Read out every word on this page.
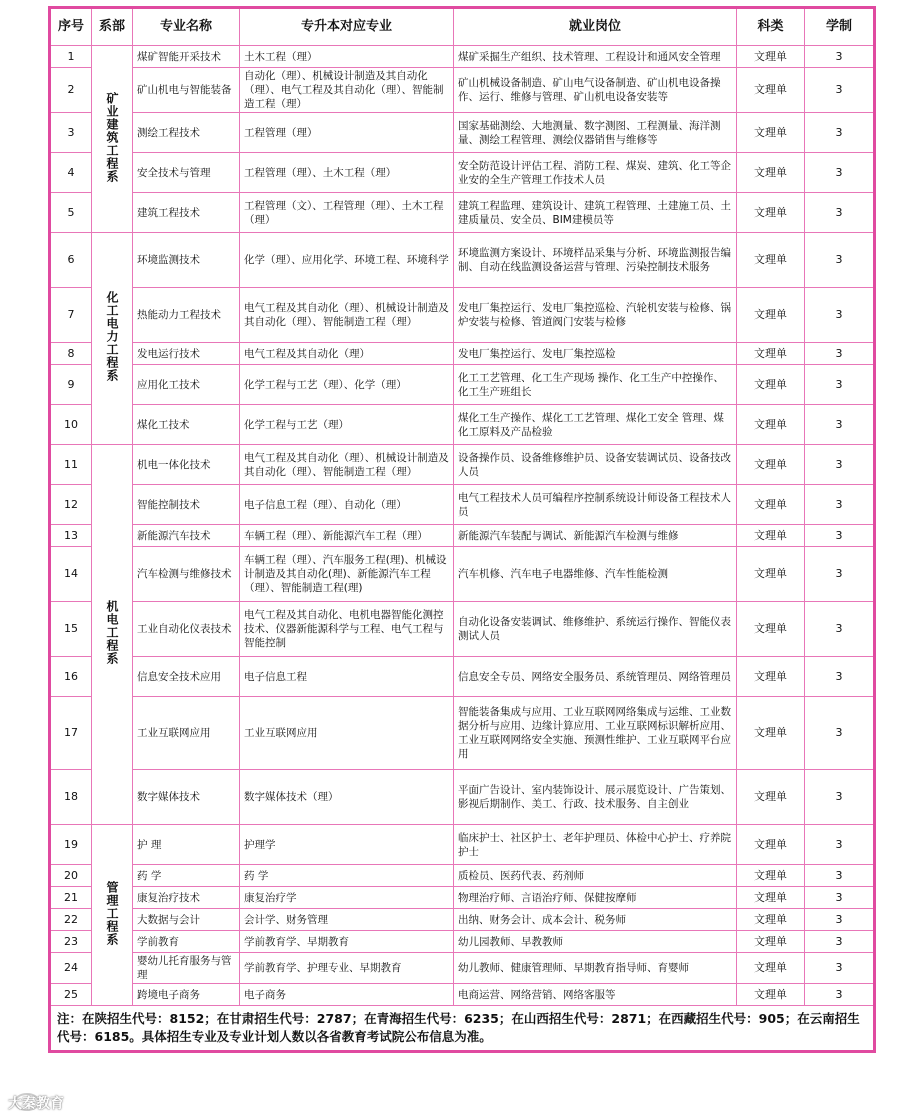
序号	系部	专业名称	专升本对应专业	就业岗位	科类	学制
1	矿业建筑工程系	煤矿智能开采技术	土木工程（理）	煤矿采掘生产组织、技术管理、工程设计和通风安全管理	文理单	3
2		矿山机电与智能装备	自动化（理）、机械设计制造及其自动化（理）、电气工程及其自动化（理）、智能制造工程（理）	矿山机械设备制造、矿山电气设备制造、矿山机电设备操作、运行、维修与管理、矿山机电设备安装等	文理单	3
3		测绘工程技术	工程管理（理）	国家基础测绘、大地测量、数字测图、工程测量、海洋测量、测绘工程管理、测绘仪器销售与维修等	文理单	3
4		安全技术与管理	工程管理（理）、土木工程（理）	安全防范设计评估工程、消防工程、煤炭、建筑、化工等企业安的全生产管理工作技术人员	文理单	3
5		建筑工程技术	工程管理（文）、工程管理（理）、土木工程（理）	建筑工程监理、建筑设计、建筑工程管理、土建施工员、土建质量员、安全员、BIM建模员等	文理单	3
6	化工电力工程系	环境监测技术	化学（理）、应用化学、环境工程、环境科学	环境监测方案设计、环境样品采集与分析、环境监测报告编制、自动在线监测设备运营与管理、污染控制技术服务	文理单	3
7		热能动力工程技术	电气工程及其自动化（理）、机械设计制造及其自动化（理）、智能制造工程（理）	发电厂集控运行、发电厂集控巡检、汽轮机安装与检修、锅炉安装与检修、管道阀门安装与检修	文理单	3
8		发电运行技术	电气工程及其自动化（理）	发电厂集控运行、发电厂集控巡检	文理单	3
9		应用化工技术	化学工程与工艺（理）、化学（理）	化工工艺管理、化工生产现场 操作、化工生产中控操作、化工生产班组长	文理单	3
10		煤化工技术	化学工程与工艺（理）	煤化工生产操作、煤化工工艺管理、煤化工安全 管理、煤化工原料及产品检验	文理单	3
11	机电工程系	机电一体化技术	电气工程及其自动化（理）、机械设计制造及其自动化（理）、智能制造工程（理）	设备操作员、设备维修维护员、设备安装调试员、设备技改人员	文理单	3
12		智能控制技术	电子信息工程（理）、自动化（理）	电气工程技术人员可编程序控制系统设计师设备工程技术人员	文理单	3
13		新能源汽车技术	车辆工程（理）、新能源汽车工程（理）	新能源汽车装配与调试、新能源汽车检测与维修	文理单	3
14		汽车检测与维修技术	车辆工程（理）、汽车服务工程(理)、机械设计制造及其自动化(理)、新能源汽车工程（理）、智能制造工程(理)	汽车机修、汽车电子电器维修、汽车性能检测	文理单	3
15		工业自动化仪表技术	电气工程及其自动化、电机电器智能化测控技术、仪器新能源科学与工程、电气工程与智能控制	自动化设备安装调试、维修维护、系统运行操作、智能仪表测试人员	文理单	3
16		信息安全技术应用	电子信息工程	信息安全专员、网络安全服务员、系统管理员、网络管理员	文理单	3
17		工业互联网应用	工业互联网应用	智能装备集成与应用、工业互联网网络集成与运维、工业数据分析与应用、边缘计算应用、工业互联网标识解析应用、工业互联网网络安全实施、预测性维护、工业互联网平台应用	文理单	3
18		数字媒体技术	数字媒体技术（理）	平面广告设计、室内装饰设计、展示展览设计、广告策划、影视后期制作、美工、行政、技术服务、自主创业	文理单	3
19	管理工程系	护 理	护理学	临床护士、社区护士、老年护理员、体检中心护士、疗养院护士	文理单	3
20		药 学	药 学	质检员、医药代表、药剂师	文理单	3
21		康复治疗技术	康复治疗学	物理治疗师、言语治疗师、保健按摩师	文理单	3
22		大数据与会计	会计学、财务管理	出纳、财务会计、成本会计、税务师	文理单	3
23		学前教育	学前教育学、早期教育	幼儿园教师、早教教师	文理单	3
24		婴幼儿托育服务与管理	学前教育学、护理专业、早期教育	幼儿教师、健康管理师、早期教育指导师、育婴师	文理单	3
25		跨境电子商务	电子商务	电商运营、网络营销、网络客服等	文理单	3
注：在陕招生代号：8152；在甘肃招生代号：2787；在青海招生代号：6235；在山西招生代号：2871；在西藏招生代号：905；在云南招生代号：6185。具体招生专业及专业计划人数以各省教育考试院公布信息为准。						
大秦教育
